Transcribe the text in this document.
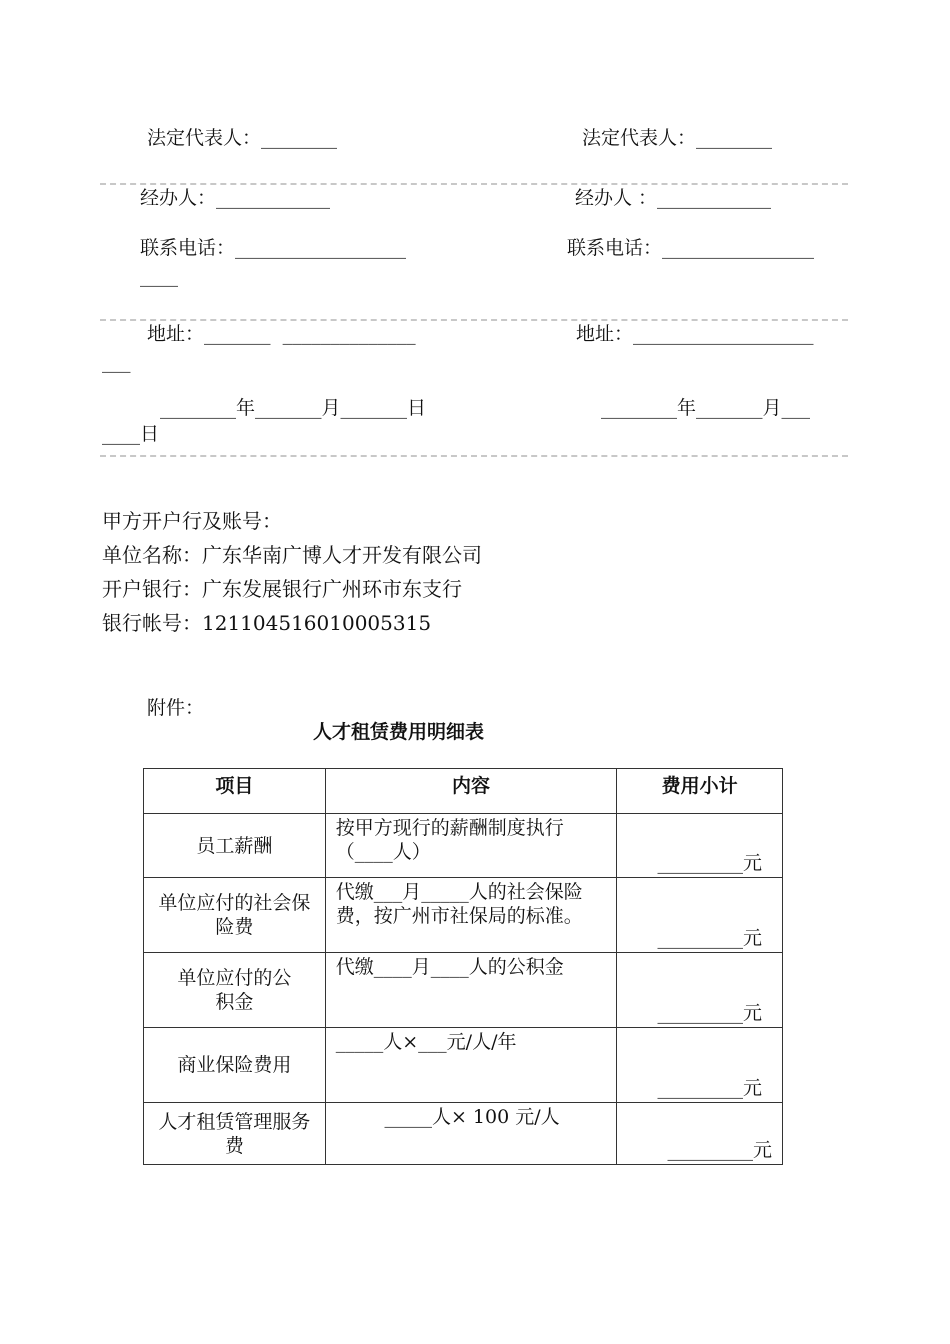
法定代表人：________	法定代表人：________
经办人：____________	经办人 ：____________
联系电话：__________________	联系电话：________________
____
地址：_______  ______________	地址：___________________
___
________年_______月_______日	________年_______月___
____日
甲方开户行及账号：
单位名称：广东华南广博人才开发有限公司
开户银行：广东发展银行广州环市东支行
银行帐号：121104516010005315
附件：
人才租赁费用明细表
项目	内容	费用小计

员工薪酬	按甲方现行的薪酬制度执行（____人）	_________元

单位应付的社会保险费	代缴___月_____人的社会保险费，按广州市社保局的标准。	_________元

单位应付的公积金	代缴____月____人的公积金	_________元

商业保险费用	_____人×___元/人/年	_________元

人才租赁管理服务费	_____人× 100 元/人	_________元
